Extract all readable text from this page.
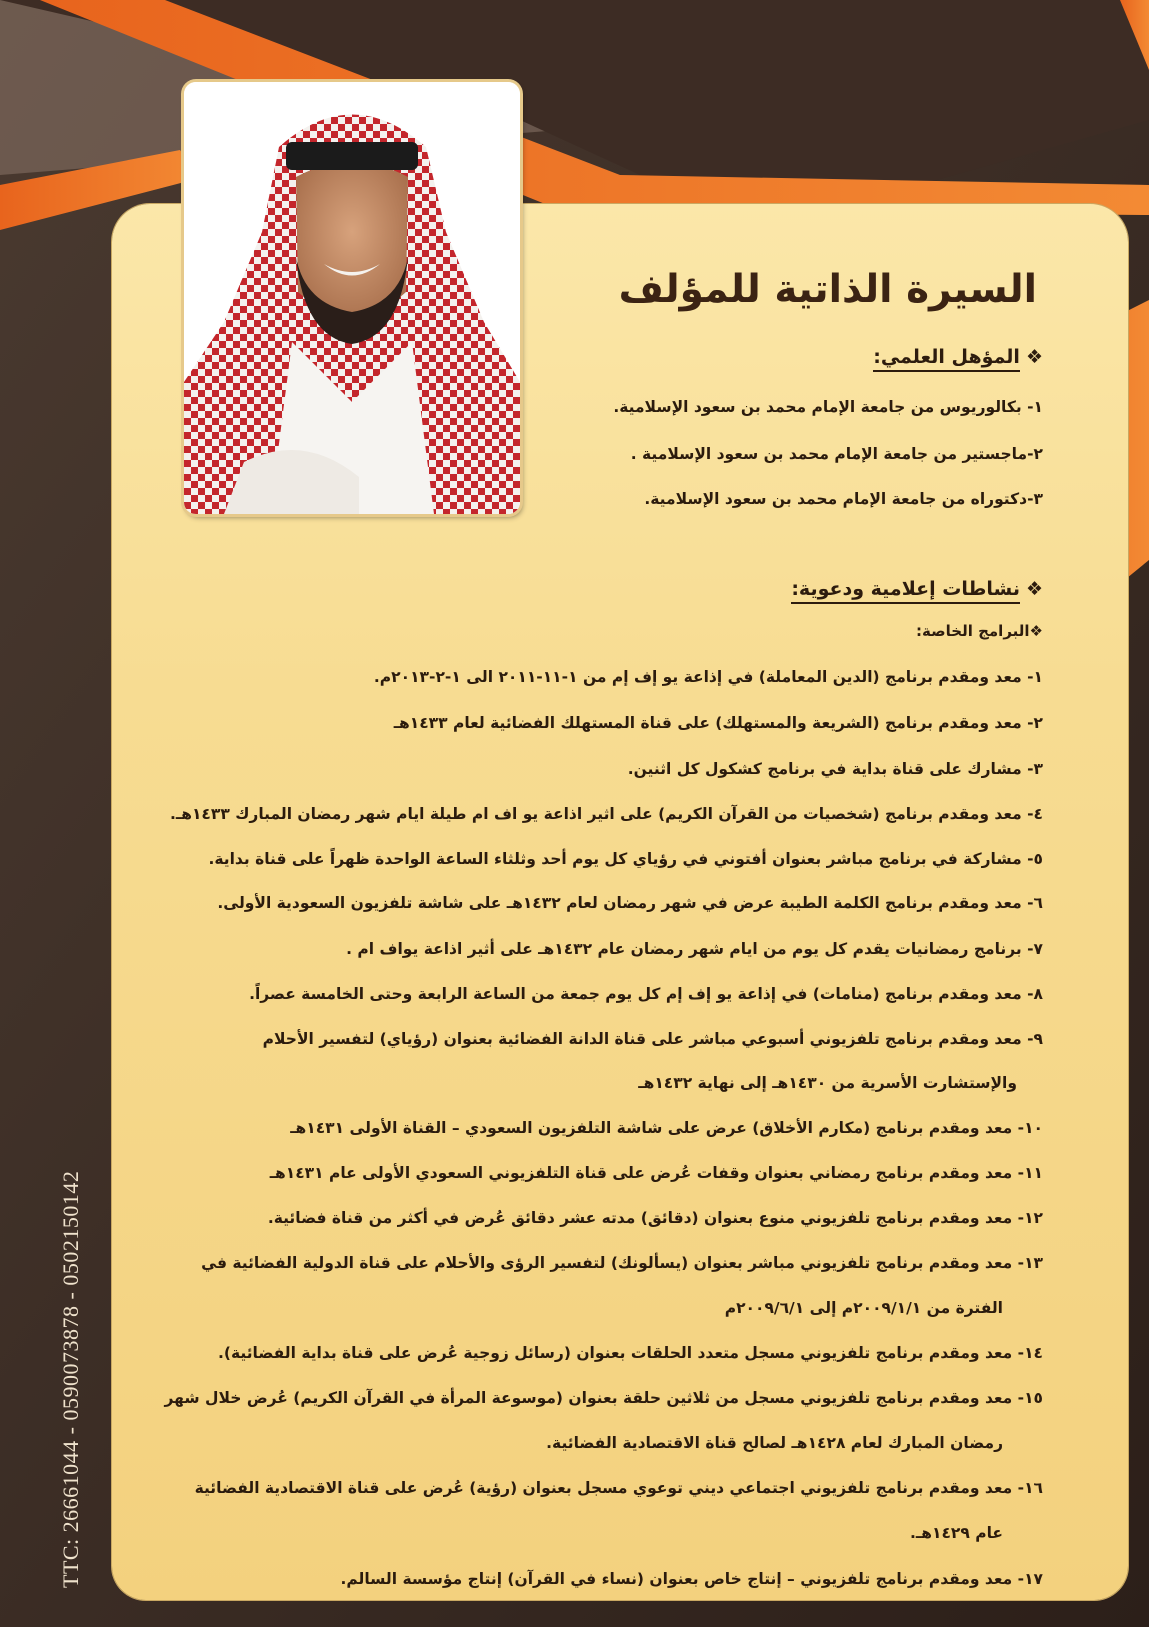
السيرة الذاتية للمؤلف
❖المؤهل العلمي:
١- بكالوريوس من جامعة الإمام محمد بن سعود الإسلامية.
٢-ماجستير من جامعة الإمام محمد بن سعود الإسلامية .
٣-دكتوراه من جامعة الإمام محمد بن سعود الإسلامية.
❖نشاطات إعلامية ودعوية:
❖البرامج الخاصة:
١- معد ومقدم برنامج (الدين المعاملة) في إذاعة يو إف إم من ١-١١-٢٠١١ الى ١-٢-٢٠١٣م.
٢- معد ومقدم برنامج (الشريعة والمستهلك) على قناة المستهلك الفضائية لعام ١٤٣٣هـ
٣- مشارك على قناة بداية في برنامج كشكول كل اثنين.
٤- معد ومقدم برنامج (شخصيات من القرآن الكريم) على اثير اذاعة يو اف ام طيلة ايام شهر رمضان المبارك ١٤٣٣هـ.
٥- مشاركة في برنامج مباشر بعنوان أفتوني في رؤياي كل يوم أحد وثلثاء الساعة الواحدة ظهراً على قناة بداية.
٦- معد ومقدم برنامج الكلمة الطيبة عرض في شهر رمضان لعام ١٤٣٢هـ على شاشة تلفزيون السعودية الأولى.
٧- برنامج رمضانيات يقدم كل يوم من ايام شهر رمضان عام ١٤٣٢هـ على أثير اذاعة يواف ام .
٨- معد ومقدم برنامج (منامات) في إذاعة يو إف إم كل يوم جمعة من الساعة الرابعة وحتى الخامسة عصراً.
٩- معد ومقدم برنامج تلفزيوني أسبوعي مباشر على قناة الدانة الفضائية بعنوان (رؤياي) لتفسير الأحلام
والإستشارت الأسرية من ١٤٣٠هـ إلى نهاية ١٤٣٢هـ
١٠- معد ومقدم برنامج (مكارم الأخلاق) عرض على شاشة التلفزيون السعودي – القناة الأولى ١٤٣١هـ
١١- معد ومقدم برنامج رمضاني بعنوان وقفات عُرض على قناة التلفزيوني السعودي الأولى عام ١٤٣١هـ
١٢- معد ومقدم برنامج تلفزيوني منوع بعنوان (دقائق) مدته عشر دقائق عُرض في أكثر من قناة فضائية.
١٣- معد ومقدم برنامج تلفزيوني مباشر بعنوان (يسألونك) لتفسير الرؤى والأحلام على قناة الدولية الفضائية في
الفترة من ٢٠٠٩/١/١م إلى ٢٠٠٩/٦/١م
١٤- معد ومقدم برنامج تلفزيوني مسجل متعدد الحلقات بعنوان (رسائل زوجية عُرض على قناة بداية الفضائية).
١٥- معد ومقدم برنامج تلفزيوني مسجل من ثلاثين حلقة بعنوان (موسوعة المرأة في القرآن الكريم) عُرض خلال شهر
رمضان المبارك لعام ١٤٢٨هـ لصالح قناة الاقتصادية الفضائية.
١٦- معد ومقدم برنامج تلفزيوني اجتماعي ديني توعوي مسجل بعنوان (رؤية) عُرض على قناة الاقتصادية الفضائية
عام ١٤٢٩هـ.
١٧- معد ومقدم برنامج تلفزيوني – إنتاج خاص بعنوان (نساء في القرآن) إنتاج مؤسسة السالم.
TTC: 26661044 - 0590073878 - 0502150142
